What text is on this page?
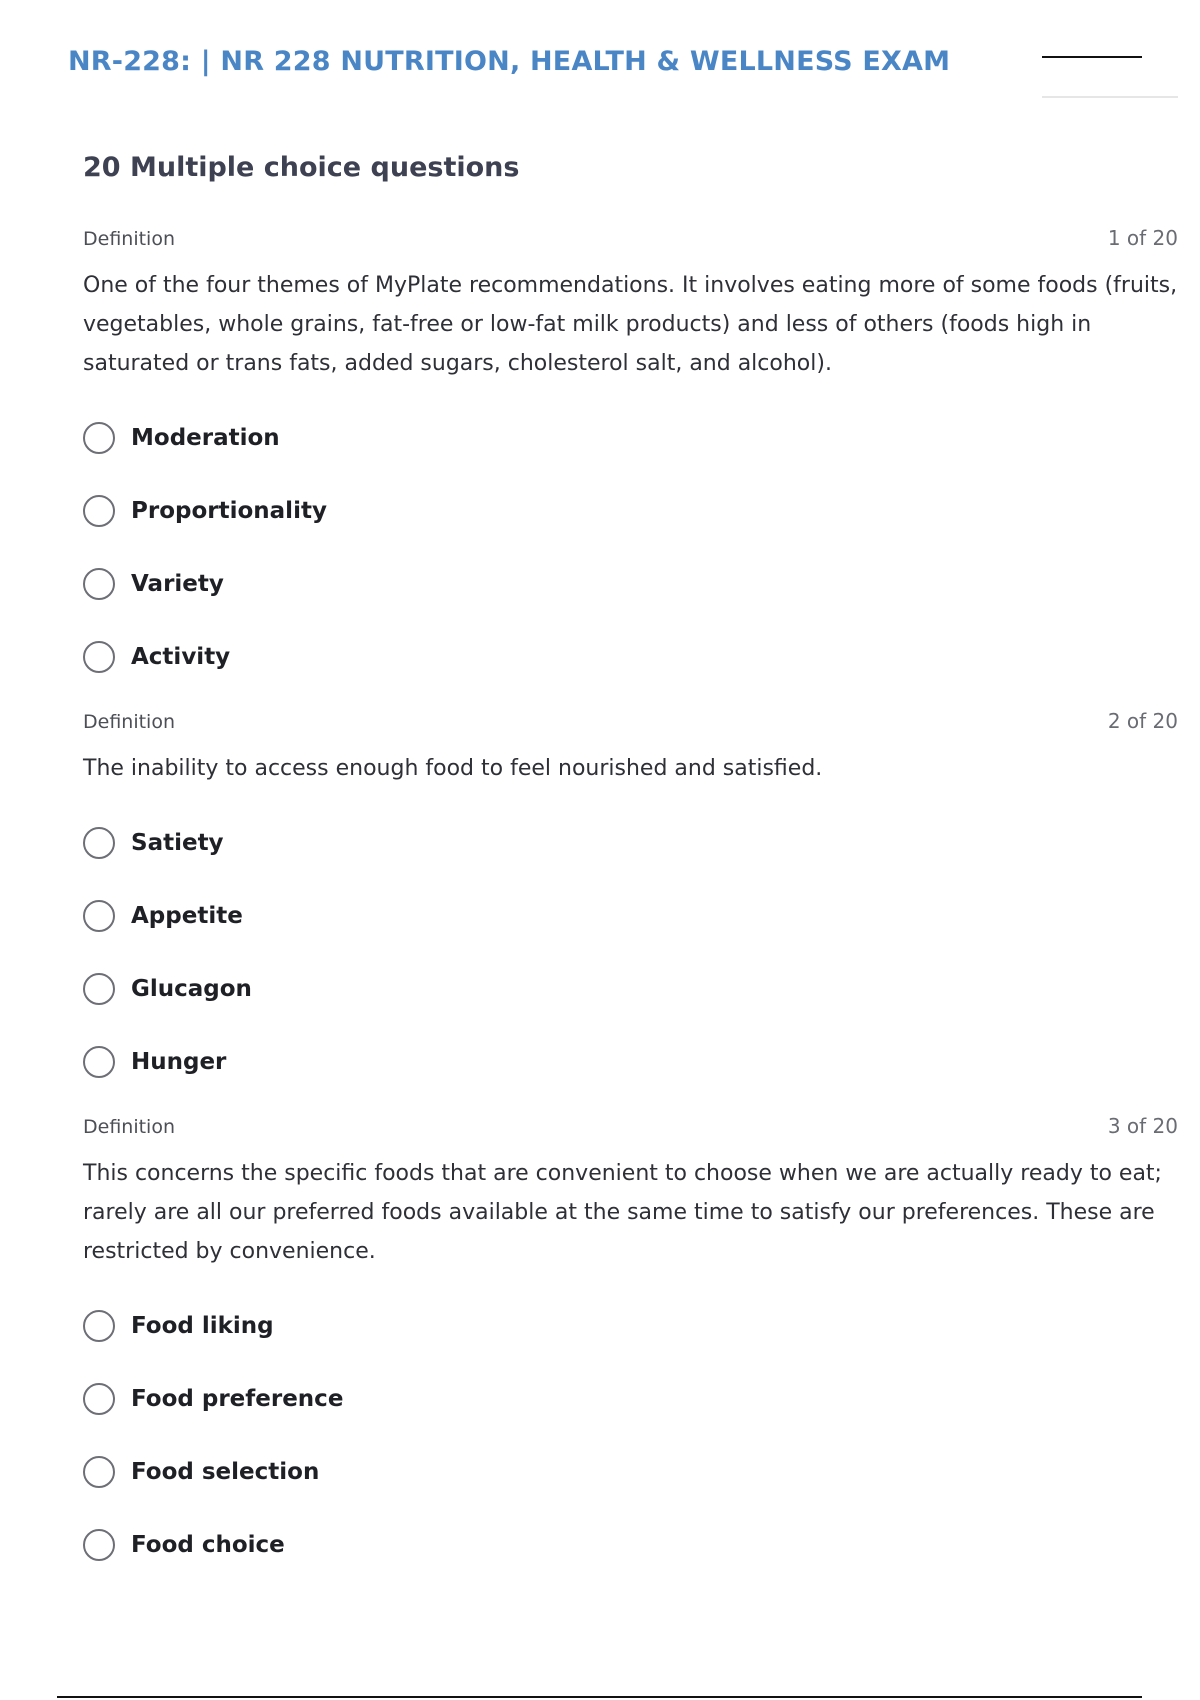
NR-228: | NR 228 NUTRITION, HEALTH & WELLNESS EXAM
20 Multiple choice questions
Definition	1 of 20
One of the four themes of MyPlate recommendations. It involves eating more of some foods (fruits, vegetables, whole grains, fat-free or low-fat milk products) and less of others (foods high in saturated or trans fats, added sugars, cholesterol salt, and alcohol).
Moderation
Proportionality
Variety
Activity
Definition	2 of 20
The inability to access enough food to feel nourished and satisfied.
Satiety
Appetite
Glucagon
Hunger
Definition	3 of 20
This concerns the specific foods that are convenient to choose when we are actually ready to eat; rarely are all our preferred foods available at the same time to satisfy our preferences. These are restricted by convenience.
Food liking
Food preference
Food selection
Food choice
